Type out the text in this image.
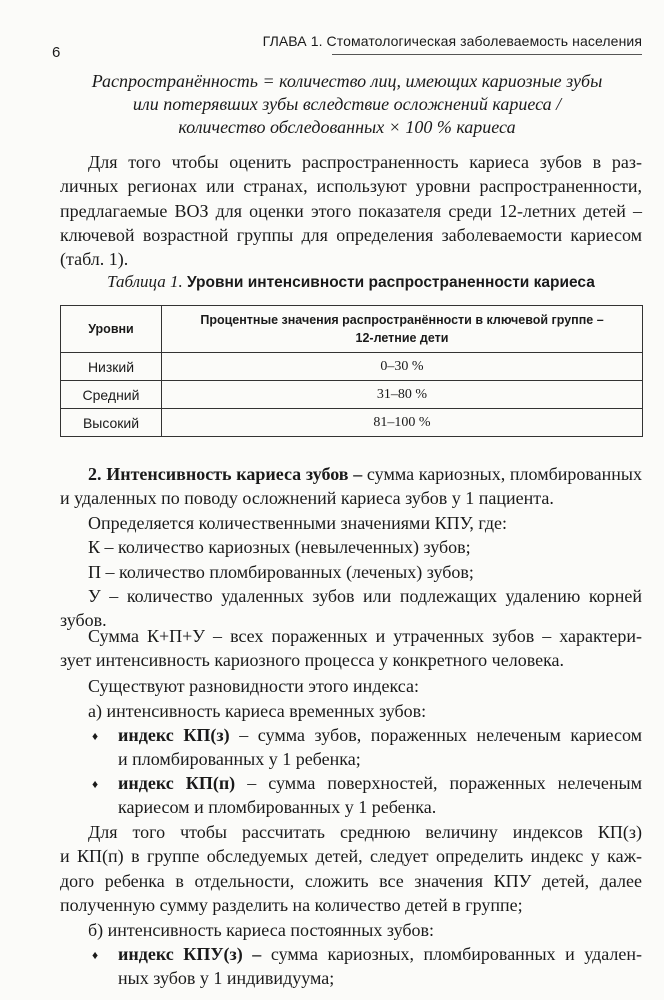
6
ГЛАВА 1. Стоматологическая заболеваемость населения
Распространённость = количество лиц, имеющих кариозные зубы
или потерявших зубы вследствие осложнений кариеса /
количество обследованных × 100 % кариеса
Для того чтобы оценить распространенность кариеса зубов в раз-
личных регионах или странах, используют уровни распространенности,
предлагаемые ВОЗ для оценки этого показателя среди 12-летних детей –
ключевой возрастной группы для определения заболеваемости кариесом
(табл. 1).
Таблица 1. Уровни интенсивности распространенности кариеса
Уровни	Процентные значения распространённости в ключевой группе –
12-летние дети

Низкий	0–30 %
Средний	31–80 %
Высокий	81–100 %
2. Интенсивность кариеса зубов – сумма кариозных, пломбированных
и удаленных по поводу осложнений кариеса зубов у 1 пациента.
Определяется количественными значениями КПУ, где:
К – количество кариозных (невылеченных) зубов;
П – количество пломбированных (леченых) зубов;
У – количество удаленных зубов или подлежащих удалению корней
зубов.
Сумма К+П+У – всех пораженных и утраченных зубов – характери-
зует интенсивность кариозного процесса у конкретного человека.
Существуют разновидности этого индекса:
а) интенсивность кариеса временных зубов:
♦ индекс КП(з) – сумма зубов, пораженных нелеченым кариесом
и пломбированных у 1 ребенка;
♦ индекс КП(п) – сумма поверхностей, пораженных нелеченым
кариесом и пломбированных у 1 ребенка.
Для того чтобы рассчитать среднюю величину индексов КП(з)
и КП(п) в группе обследуемых детей, следует определить индекс у каж-
дого ребенка в отдельности, сложить все значения КПУ детей, далее
полученную сумму разделить на количество детей в группе;
б) интенсивность кариеса постоянных зубов:
♦ индекс КПУ(з) – сумма кариозных, пломбированных и удален-
ных зубов у 1 индивидуума;
